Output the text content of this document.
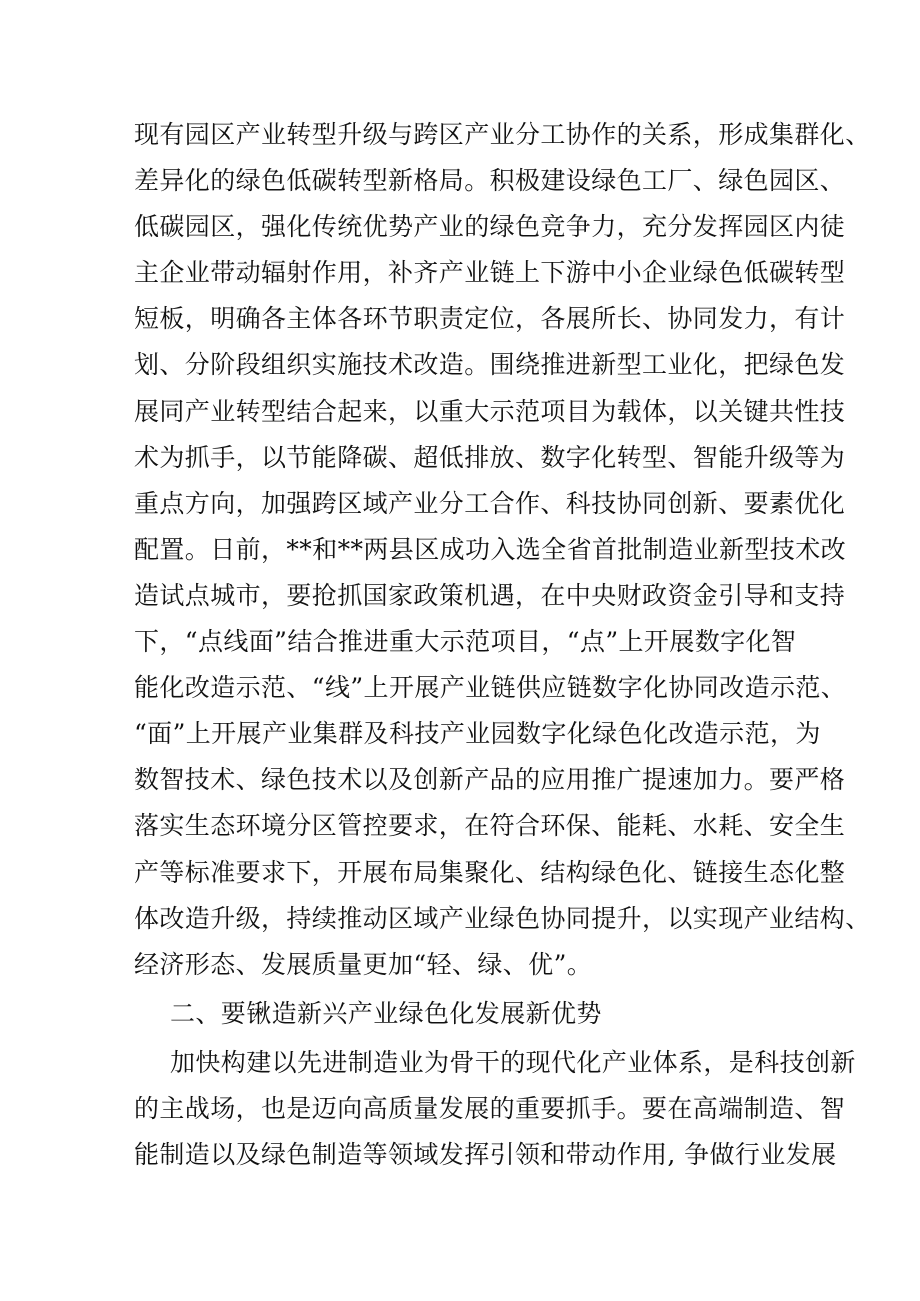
现有园区产业转型升级与跨区产业分工协作的关系，形成集群化、
差异化的绿色低碳转型新格局。积极建设绿色工厂、绿色园区、
低碳园区，强化传统优势产业的绿色竞争力，充分发挥园区内徒
主企业带动辐射作用，补齐产业链上下游中小企业绿色低碳转型
短板，明确各主体各环节职责定位，各展所长、协同发力，有计
划、分阶段组织实施技术改造。围绕推进新型工业化，把绿色发
展同产业转型结合起来，以重大示范项目为载体，以关键共性技
术为抓手，以节能降碳、超低排放、数字化转型、智能升级等为
重点方向，加强跨区域产业分工合作、科技协同创新、要素优化
配置。日前，**和**两县区成功入选全省首批制造业新型技术改
造试点城市，要抢抓国家政策机遇，在中央财政资金引导和支持
下，“点线面”结合推进重大示范项目，“点”上开展数字化智
能化改造示范、“线”上开展产业链供应链数字化协同改造示范、
“面”上开展产业集群及科技产业园数字化绿色化改造示范，为
数智技术、绿色技术以及创新产品的应用推广提速加力。要严格
落实生态环境分区管控要求，在符合环保、能耗、水耗、安全生
产等标准要求下，开展布局集聚化、结构绿色化、链接生态化整
体改造升级，持续推动区域产业绿色协同提升，以实现产业结构、
经济形态、发展质量更加“轻、绿、优”。
二、要锹造新兴产业绿色化发展新优势
加快构建以先进制造业为骨干的现代化产业体系，是科技创新
的主战场，也是迈向高质量发展的重要抓手。要在高端制造、智
能制造以及绿色制造等领域发挥引领和带动作用, 争做行业发展
